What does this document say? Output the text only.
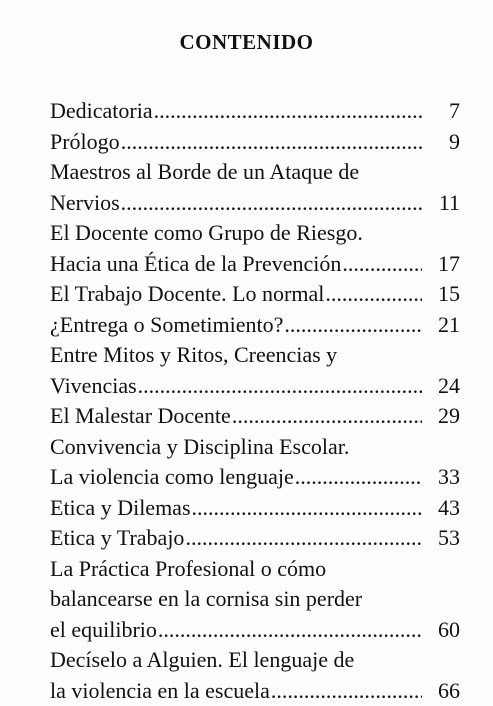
CONTENIDO
Dedicatoria .....	7
Prólogo .....	9
Maestros al Borde de un Ataque de
Nervios .....	11
El Docente como Grupo de Riesgo.
Hacia una Ética de la Prevención .....	17
El Trabajo Docente. Lo normal .....	15
¿Entrega o Sometimiento? .....	21
Entre Mitos y Ritos, Creencias y
Vivencias .....	24
El Malestar Docente .....	29
Convivencia y Disciplina Escolar.
La violencia como lenguaje .....	33
Etica y Dilemas .....	43
Etica y Trabajo .....	53
La Práctica Profesional o cómo
balancearse en la cornisa sin perder
el equilibrio .....	60
Decíselo a Alguien. El lenguaje de
la violencia en la escuela .....	66
